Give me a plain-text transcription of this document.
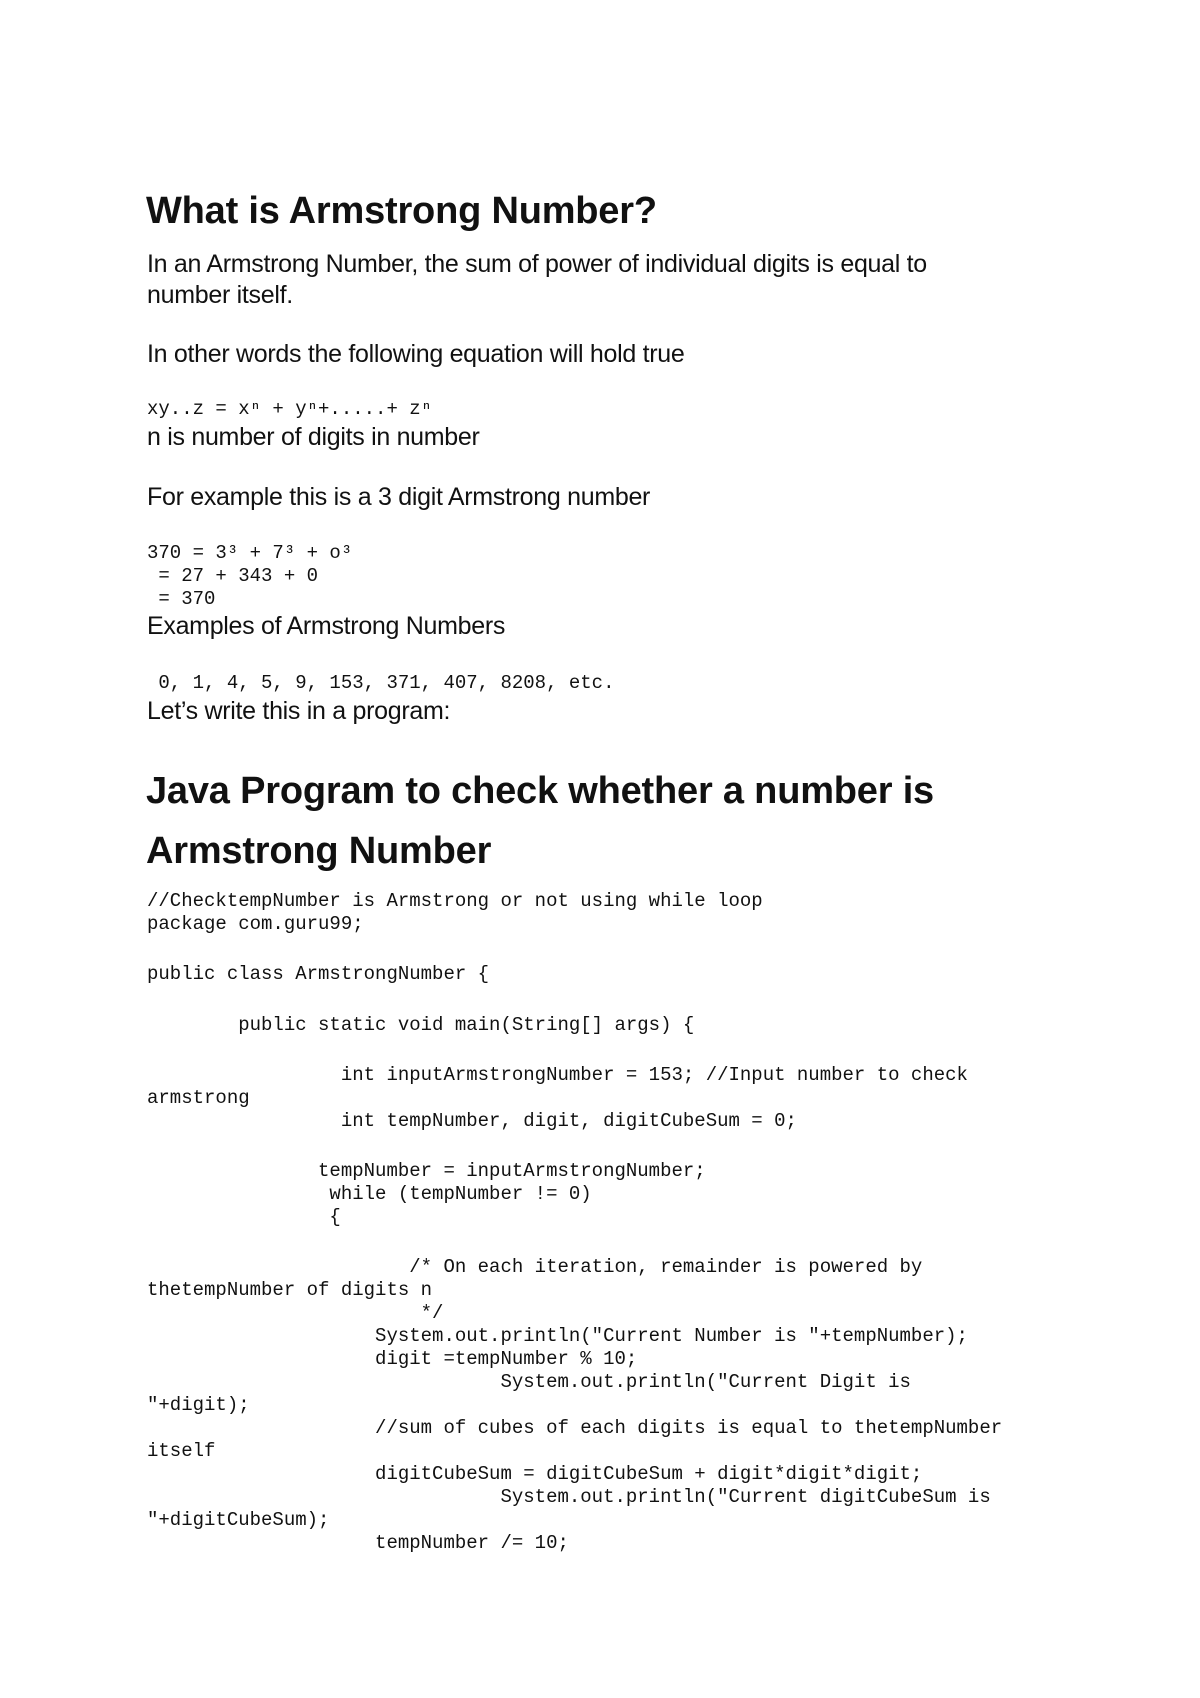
What is Armstrong Number?
In an Armstrong Number, the sum of power of individual digits is equal to
number itself.
In other words the following equation will hold true
xy..z = xⁿ + yⁿ+.....+ zⁿ
n is number of digits in number
For example this is a 3 digit Armstrong number
370 = 3³ + 7³ + o³
= 27 + 343 + 0
= 370
Examples of Armstrong Numbers
0, 1, 4, 5, 9, 153, 371, 407, 8208, etc.
Let’s write this in a program:
Java Program to check whether a number is
Armstrong Number
//ChecktempNumber is Armstrong or not using while loop
package com.guru99;
public class ArmstrongNumber {
public static void main(String[] args) {
int inputArmstrongNumber = 153; //Input number to check
armstrong
int tempNumber, digit, digitCubeSum = 0;
tempNumber = inputArmstrongNumber;
while (tempNumber != 0)
{
/* On each iteration, remainder is powered by
thetempNumber of digits n
*/
System.out.println("Current Number is "+tempNumber);
digit =tempNumber % 10;
System.out.println("Current Digit is
"+digit);
//sum of cubes of each digits is equal to thetempNumber
itself
digitCubeSum = digitCubeSum + digit*digit*digit;
System.out.println("Current digitCubeSum is
"+digitCubeSum);
tempNumber /= 10;
